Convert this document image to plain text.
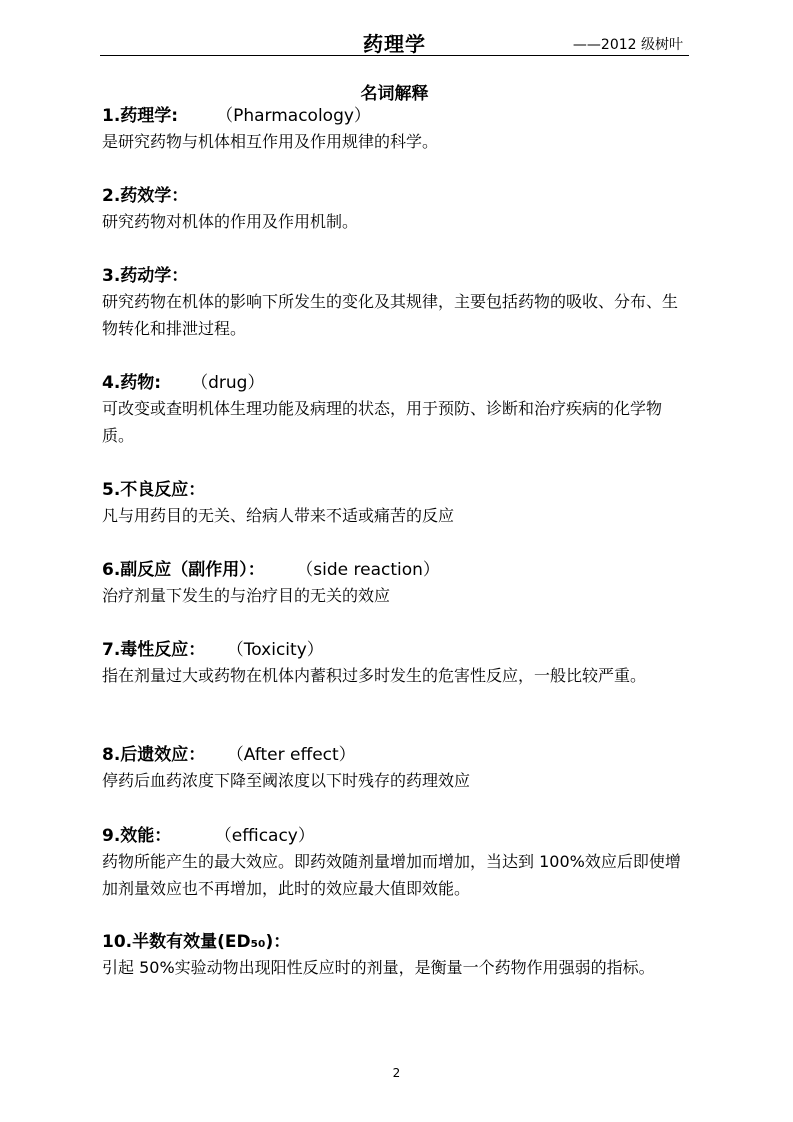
药理学	——2012 级树叶
名词解释
1.药理学: （Pharmacology）
是研究药物与机体相互作用及作用规律的科学。
2.药效学：
研究药物对机体的作用及作用机制。
3.药动学：
研究药物在机体的影响下所发生的变化及其规律，主要包括药物的吸收、分布、生物转化和排泄过程。
4.药物: （drug）
可改变或查明机体生理功能及病理的状态，用于预防、诊断和治疗疾病的化学物质。
5.不良反应：
凡与用药目的无关、给病人带来不适或痛苦的反应
6.副反应（副作用）： （side reaction）
治疗剂量下发生的与治疗目的无关的效应
7.毒性反应： （Toxicity）
指在剂量过大或药物在机体内蓄积过多时发生的危害性反应，一般比较严重。
8.后遗效应： （After effect）
停药后血药浓度下降至阈浓度以下时残存的药理效应
9.效能：	（efficacy）
药物所能产生的最大效应。即药效随剂量增加而增加，当达到 100%效应后即使增加剂量效应也不再增加，此时的效应最大值即效能。
10.半数有效量(ED₅₀)：
引起 50%实验动物出现阳性反应时的剂量，是衡量一个药物作用强弱的指标。
2
